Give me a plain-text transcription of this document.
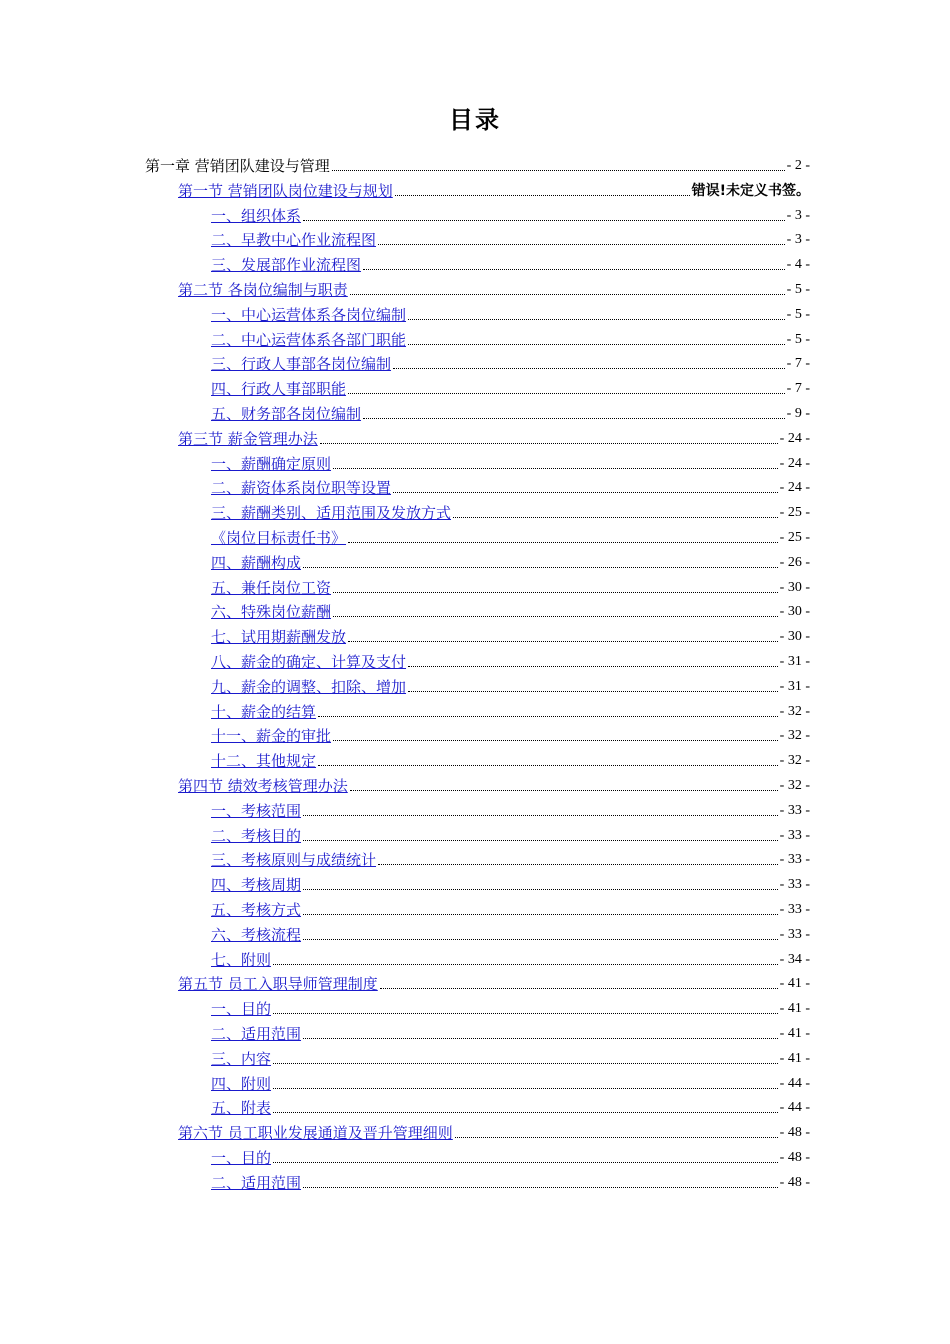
目录
第一章 营销团队建设与管理	- 2 -
第一节 营销团队岗位建设与规划	错误!未定义书签。
一、组织体系	- 3 -
二、早教中心作业流程图	- 3 -
三、发展部作业流程图	- 4 -
第二节 各岗位编制与职责	- 5 -
一、中心运营体系各岗位编制	- 5 -
二、中心运营体系各部门职能	- 5 -
三、行政人事部各岗位编制	- 7 -
四、行政人事部职能	- 7 -
五、财务部各岗位编制	- 9 -
第三节 薪金管理办法	- 24 -
一、薪酬确定原则	- 24 -
二、薪资体系岗位职等设置	- 24 -
三、薪酬类别、适用范围及发放方式	- 25 -
《岗位目标责任书》	- 25 -
四、薪酬构成	- 26 -
五、兼任岗位工资	- 30 -
六、特殊岗位薪酬	- 30 -
七、试用期薪酬发放	- 30 -
八、薪金的确定、计算及支付	- 31 -
九、薪金的调整、扣除、增加	- 31 -
十、薪金的结算	- 32 -
十一、薪金的审批	- 32 -
十二、其他规定	- 32 -
第四节 绩效考核管理办法	- 32 -
一、考核范围	- 33 -
二、考核目的	- 33 -
三、考核原则与成绩统计	- 33 -
四、考核周期	- 33 -
五、考核方式	- 33 -
六、考核流程	- 33 -
七、附则	- 34 -
第五节 员工入职导师管理制度	- 41 -
一、目的	- 41 -
二、适用范围	- 41 -
三、内容	- 41 -
四、附则	- 44 -
五、附表	- 44 -
第六节 员工职业发展通道及晋升管理细则	- 48 -
一、目的	- 48 -
二、适用范围	- 48 -
